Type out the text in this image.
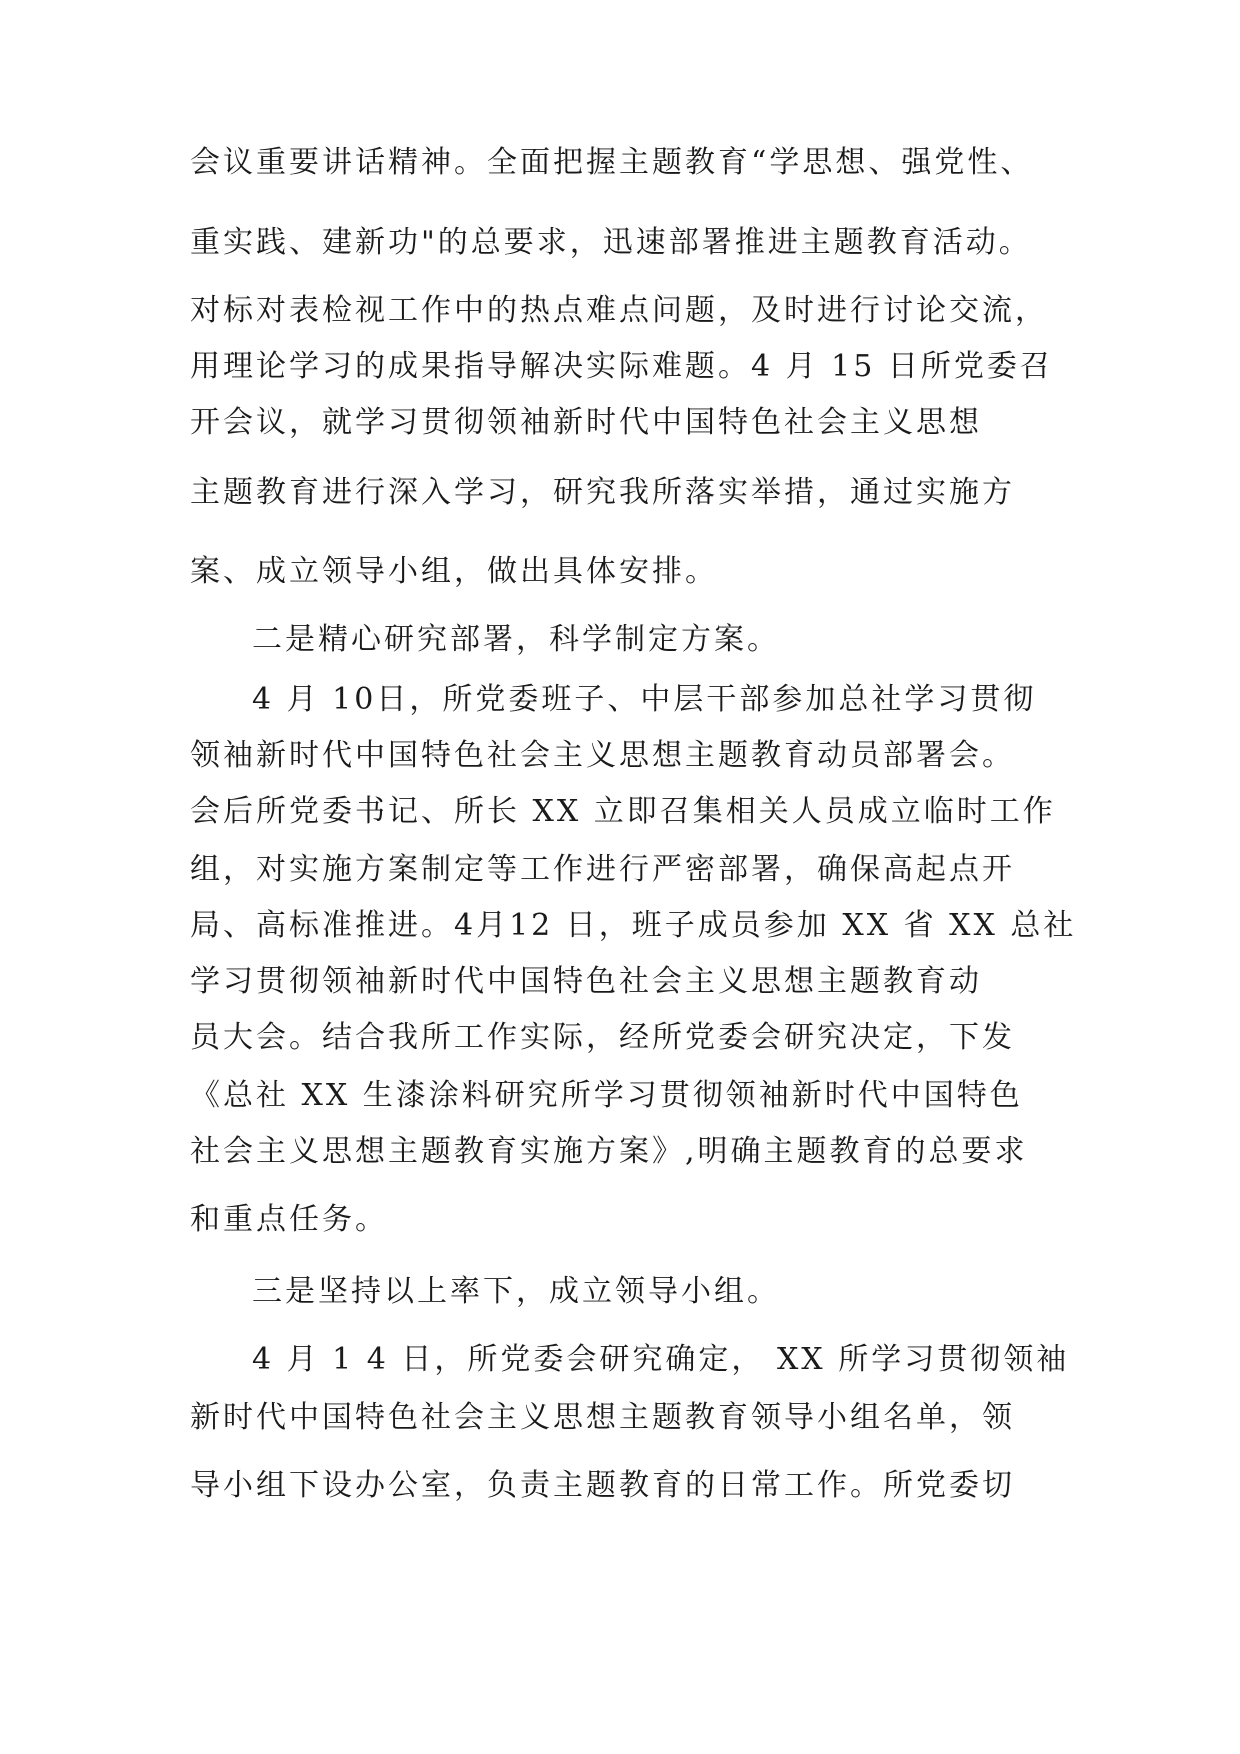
会议重要讲话精神。全面把握主题教育“学思想、强党性、
重实践、建新功"的总要求，迅速部署推进主题教育活动。
对标对表检视工作中的热点难点问题，及时进行讨论交流，
用理论学习的成果指导解决实际难题。4 月 15 日所党委召
开会议，就学习贯彻领袖新时代中国特色社会主义思想
主题教育进行深入学习，研究我所落实举措，通过实施方
案、成立领导小组，做出具体安排。
二是精心研究部署，科学制定方案。
4 月 10日，所党委班子、中层干部参加总社学习贯彻
领袖新时代中国特色社会主义思想主题教育动员部署会。
会后所党委书记、所长 XX 立即召集相关人员成立临时工作
组，对实施方案制定等工作进行严密部署，确保高起点开
局、高标准推进。4月12 日，班子成员参加 XX 省 XX 总社
学习贯彻领袖新时代中国特色社会主义思想主题教育动
员大会。结合我所工作实际，经所党委会研究决定，下发
《总社 XX 生漆涂料研究所学习贯彻领袖新时代中国特色
社会主义思想主题教育实施方案》,明确主题教育的总要求
和重点任务。
三是坚持以上率下，成立领导小组。
4 月 1 4 日，所党委会研究确定， XX 所学习贯彻领袖
新时代中国特色社会主义思想主题教育领导小组名单，领
导小组下设办公室，负责主题教育的日常工作。所党委切
